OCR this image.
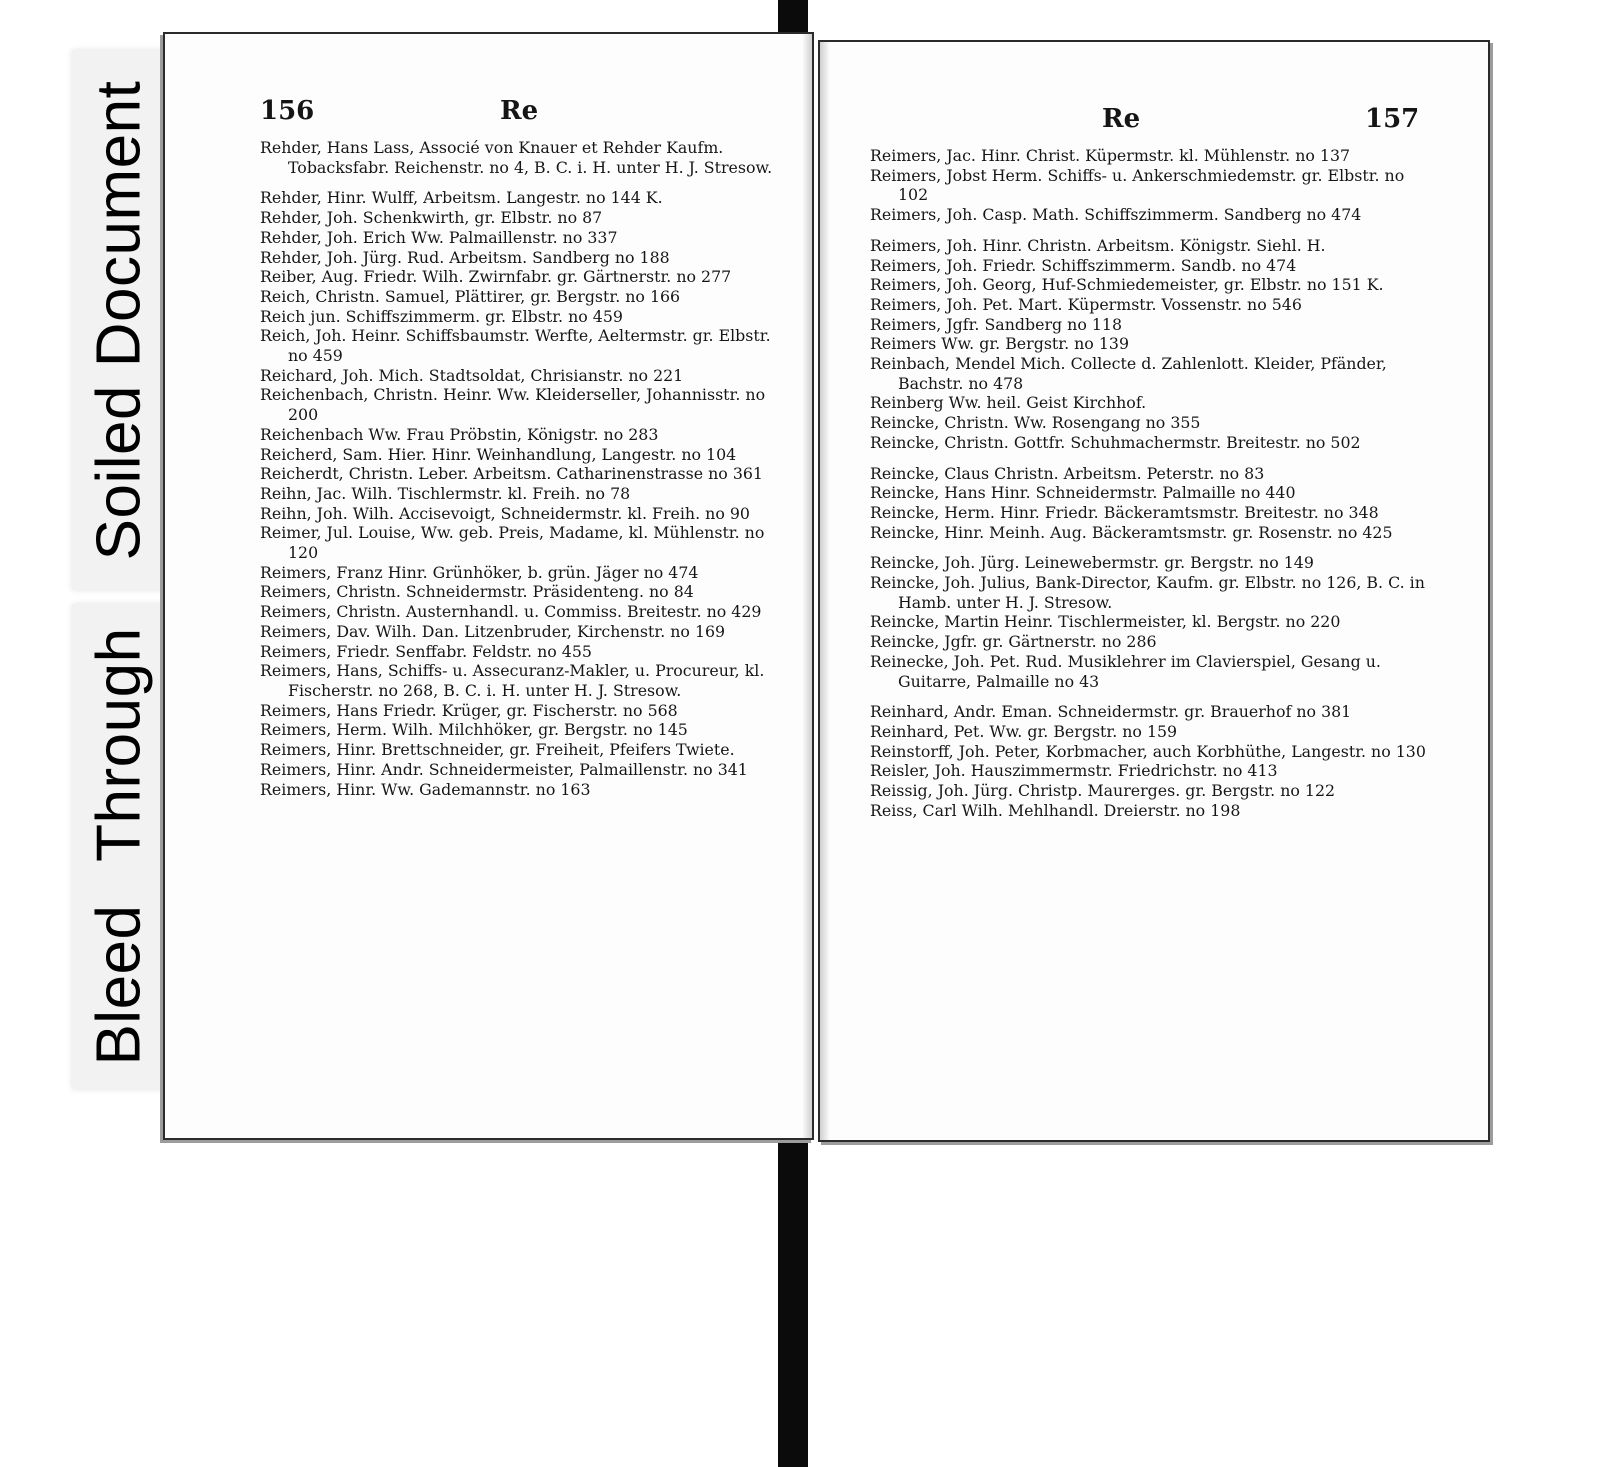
Soiled Document
Bleed Through
156	Re
Rehder, Hans Lass, Associé von Knauer et Rehder Kaufm. Tobacksfabr. Reichenstr. no 4, B. C. i. H. unter H. J. Stresow.
Rehder, Hinr. Wulff, Arbeitsm. Langestr. no 144 K.
Rehder, Joh. Schenkwirth, gr. Elbstr. no 87
Rehder, Joh. Erich Ww. Palmaillenstr. no 337
Rehder, Joh. Jürg. Rud. Arbeitsm. Sandberg no 188
Reiber, Aug. Friedr. Wilh. Zwirnfabr. gr. Gärtnerstr. no 277
Reich, Christn. Samuel, Plättirer, gr. Bergstr. no 166
Reich jun. Schiffszimmerm. gr. Elbstr. no 459
Reich, Joh. Heinr. Schiffsbaumstr. Werfte, Aeltermstr. gr. Elbstr. no 459
Reichard, Joh. Mich. Stadtsoldat, Chrisianstr. no 221
Reichenbach, Christn. Heinr. Ww. Kleiderseller, Johannisstr. no 200
Reichenbach Ww. Frau Pröbstin, Königstr. no 283
Reicherd, Sam. Hier. Hinr. Weinhandlung, Langestr. no 104
Reicherdt, Christn. Leber. Arbeitsm. Catharinenstrasse no 361
Reihn, Jac. Wilh. Tischlermstr. kl. Freih. no 78
Reihn, Joh. Wilh. Accisevoigt, Schneidermstr. kl. Freih. no 90
Reimer, Jul. Louise, Ww. geb. Preis, Madame, kl. Mühlenstr. no 120
Reimers, Franz Hinr. Grünhöker, b. grün. Jäger no 474
Reimers, Christn. Schneidermstr. Präsidenteng. no 84
Reimers, Christn. Austernhandl. u. Commiss. Breitestr. no 429
Reimers, Dav. Wilh. Dan. Litzenbruder, Kirchenstr. no 169
Reimers, Friedr. Senffabr. Feldstr. no 455
Reimers, Hans, Schiffs- u. Assecuranz-Makler, u. Procureur, kl. Fischerstr. no 268, B. C. i. H. unter H. J. Stresow.
Reimers, Hans Friedr. Krüger, gr. Fischerstr. no 568
Reimers, Herm. Wilh. Milchhöker, gr. Bergstr. no 145
Reimers, Hinr. Brettschneider, gr. Freiheit, Pfeifers Twiete.
Reimers, Hinr. Andr. Schneidermeister, Palmaillenstr. no 341
Reimers, Hinr. Ww. Gademannstr. no 163
Re	157
Reimers, Jac. Hinr. Christ. Küpermstr. kl. Mühlenstr. no 137
Reimers, Jobst Herm. Schiffs- u. Ankerschmiedemstr. gr. Elbstr. no 102
Reimers, Joh. Casp. Math. Schiffszimmerm. Sandberg no 474
Reimers, Joh. Hinr. Christn. Arbeitsm. Königstr. Siehl. H.
Reimers, Joh. Friedr. Schiffszimmerm. Sandb. no 474
Reimers, Joh. Georg, Huf-Schmiedemeister, gr. Elbstr. no 151 K.
Reimers, Joh. Pet. Mart. Küpermstr. Vossenstr. no 546
Reimers, Jgfr. Sandberg no 118
Reimers Ww. gr. Bergstr. no 139
Reinbach, Mendel Mich. Collecte d. Zahlenlott. Kleider, Pfänder, Bachstr. no 478
Reinberg Ww. heil. Geist Kirchhof.
Reincke, Christn. Ww. Rosengang no 355
Reincke, Christn. Gottfr. Schuhmachermstr. Breitestr. no 502
Reincke, Claus Christn. Arbeitsm. Peterstr. no 83
Reincke, Hans Hinr. Schneidermstr. Palmaille no 440
Reincke, Herm. Hinr. Friedr. Bäckeramtsmstr. Breitestr. no 348
Reincke, Hinr. Meinh. Aug. Bäckeramtsmstr. gr. Rosenstr. no 425
Reincke, Joh. Jürg. Leinewebermstr. gr. Bergstr. no 149
Reincke, Joh. Julius, Bank-Director, Kaufm. gr. Elbstr. no 126, B. C. in Hamb. unter H. J. Stresow.
Reincke, Martin Heinr. Tischlermeister, kl. Bergstr. no 220
Reincke, Jgfr. gr. Gärtnerstr. no 286
Reinecke, Joh. Pet. Rud. Musiklehrer im Clavierspiel, Gesang u. Guitarre, Palmaille no 43
Reinhard, Andr. Eman. Schneidermstr. gr. Brauerhof no 381
Reinhard, Pet. Ww. gr. Bergstr. no 159
Reinstorff, Joh. Peter, Korbmacher, auch Korbhüthe, Langestr. no 130
Reisler, Joh. Hauszimmermstr. Friedrichstr. no 413
Reissig, Joh. Jürg. Christp. Maurerges. gr. Bergstr. no 122
Reiss, Carl Wilh. Mehlhandl. Dreierstr. no 198
